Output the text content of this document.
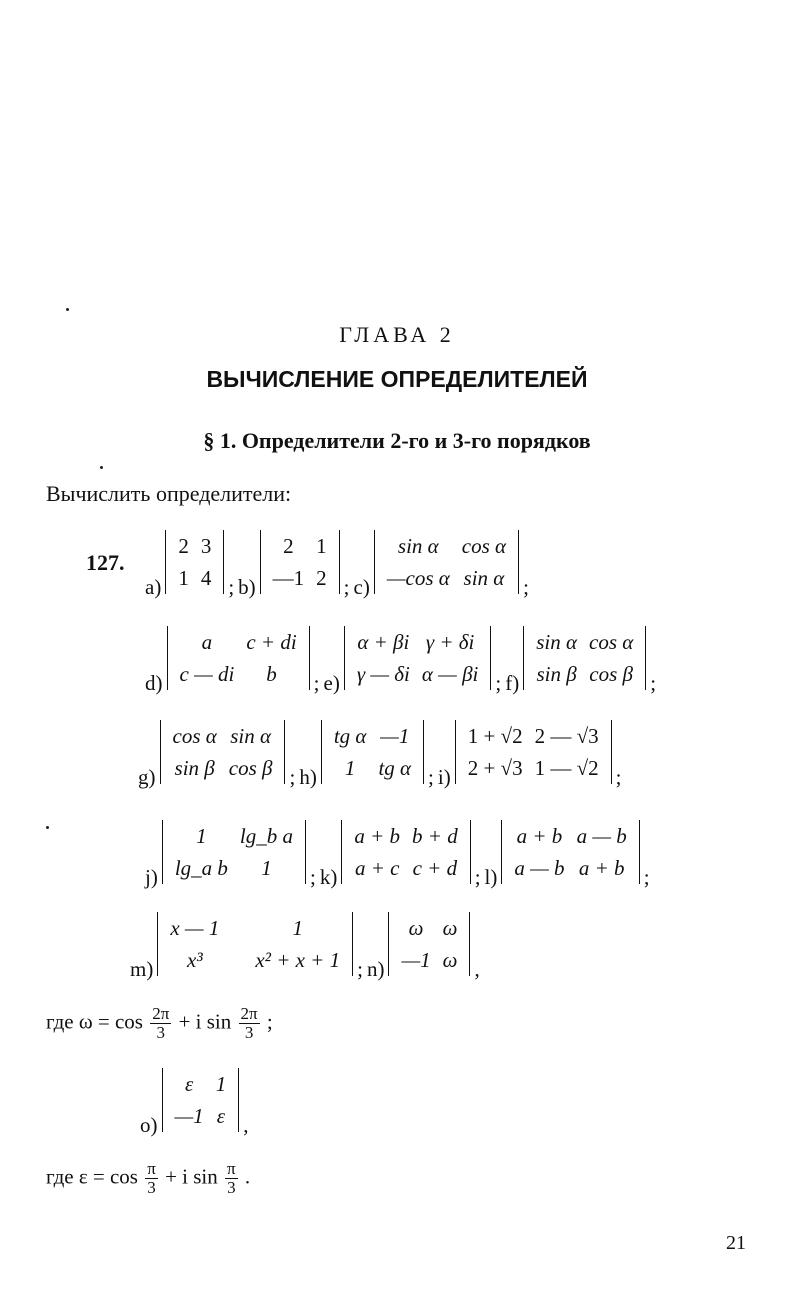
ГЛАВА 2
ВЫЧИСЛЕНИЕ ОПРЕДЕЛИТЕЛЕЙ
§ 1. Определители 2-го и 3-го порядков
Вычислить определители:
127.
a)
2	3
1	4 ; b)
2	1
—1	2 ; c)
sin α	cos α
—cos α	sin α ;
d)
a	c + di
c — di	b ; e)
α + βi	γ + δi
γ — δi	α — βi ; f)
sin α	cos α
sin β	cos β ;
g)
cos α	sin α
sin β	cos β ; h)
tg α	—1
1	tg α ; i)
1 + √2	2 — √3
2 + √3	1 — √2 ;
j)
1	lg_b a
lg_a b	1 ; k)
a + b	b + d
a + c	c + d ; l)
a + b	a — b
a — b	a + b ;
m)
x — 1	1
x³	x² + x + 1 ; n)
ω	ω
—1	ω ,
где $\omega = \cos \frac{2\pi}{3} + i$ $\sin \frac{2\pi}{3}$ ;
o)
ε	1
—1	ε ,
где $\varepsilon = \cos \frac{\pi}{3} + i$ $\sin \frac{\pi}{3}$ .
21
